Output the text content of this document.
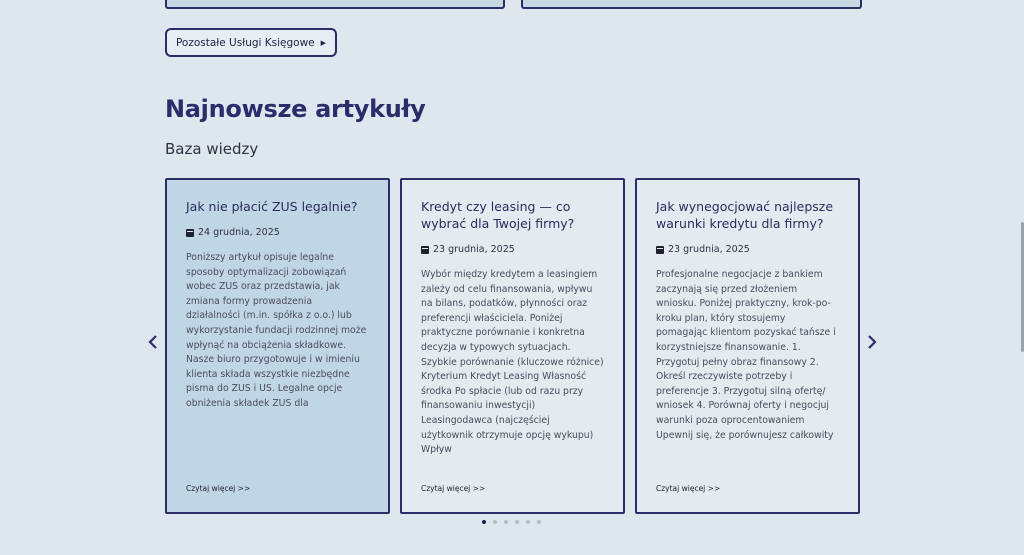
Pozostałe Usługi Księgowe ▶
Najnowsze artykuły
Baza wiedzy
Jak nie płacić ZUS legalnie?
24 grudnia, 2025
Poniższy artykuł opisuje legalne sposoby optymalizacji zobowiązań wobec ZUS oraz przedstawia, jak zmiana formy prowadzenia działalności (m.in. spółka z o.o.) lub wykorzystanie fundacji rodzinnej może wpłynąć na obciążenia składkowe. Nasze biuro przygotowuje i w imieniu klienta składa wszystkie niezbędne pisma do ZUS i US. Legalne opcje obniżenia składek ZUS dla
Czytaj więcej >>
Kredyt czy leasing — co wybrać dla Twojej firmy?
23 grudnia, 2025
Wybór między kredytem a leasingiem zależy od celu finansowania, wpływu na bilans, podatków, płynności oraz preferencji właściciela. Poniżej praktyczne porównanie i konkretna decyzja w typowych sytuacjach. Szybkie porównanie (kluczowe różnice) Kryterium Kredyt Leasing Własność środka Po spłacie (lub od razu przy finansowaniu inwestycji) Leasingodawca (najczęściej użytkownik otrzymuje opcję wykupu) Wpływ
Czytaj więcej >>
Jak wynegocjować najlepsze warunki kredytu dla firmy?
23 grudnia, 2025
Profesjonalne negocjacje z bankiem zaczynają się przed złożeniem wniosku. Poniżej praktyczny, krok-po-kroku plan, który stosujemy pomagając klientom pozyskać tańsze i korzystniejsze finansowanie. 1. Przygotuj pełny obraz finansowy 2. Określ rzeczywiste potrzeby i preferencje 3. Przygotuj silną ofertę/ wniosek 4. Porównaj oferty i negocjuj warunki poza oprocentowaniem Upewnij się, że porównujesz całkowity
Czytaj więcej >>
